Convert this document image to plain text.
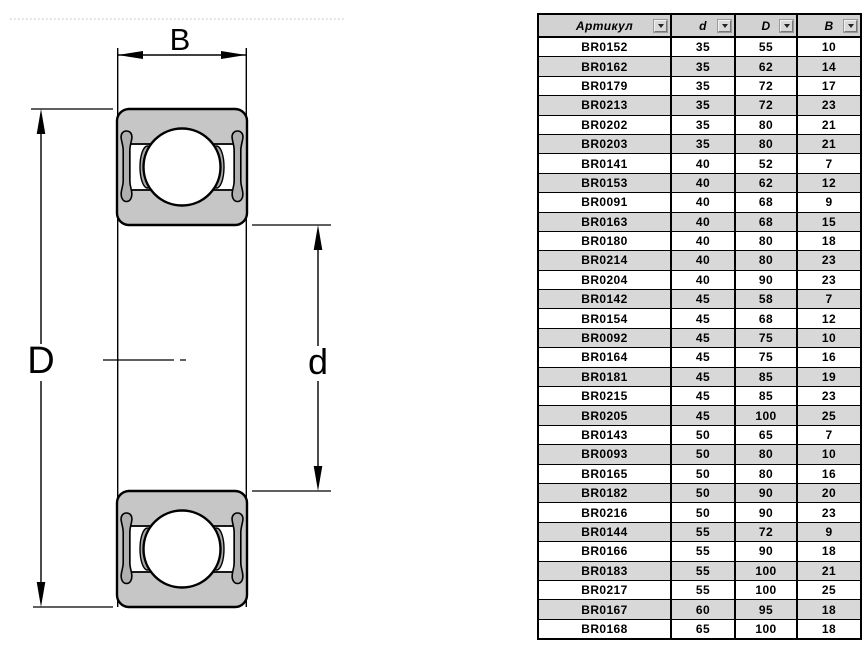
B
D	d
Артикул	d	D	B
BR0152	35	55	10
BR0162	35	62	14
BR0179	35	72	17
BR0213	35	72	23
BR0202	35	80	21
BR0203	35	80	21
BR0141	40	52	7
BR0153	40	62	12
BR0091	40	68	9
BR0163	40	68	15
BR0180	40	80	18
BR0214	40	80	23
BR0204	40	90	23
BR0142	45	58	7
BR0154	45	68	12
BR0092	45	75	10
BR0164	45	75	16
BR0181	45	85	19
BR0215	45	85	23
BR0205	45	100	25
BR0143	50	65	7
BR0093	50	80	10
BR0165	50	80	16
BR0182	50	90	20
BR0216	50	90	23
BR0144	55	72	9
BR0166	55	90	18
BR0183	55	100	21
BR0217	55	100	25
BR0167	60	95	18
BR0168	65	100	18
